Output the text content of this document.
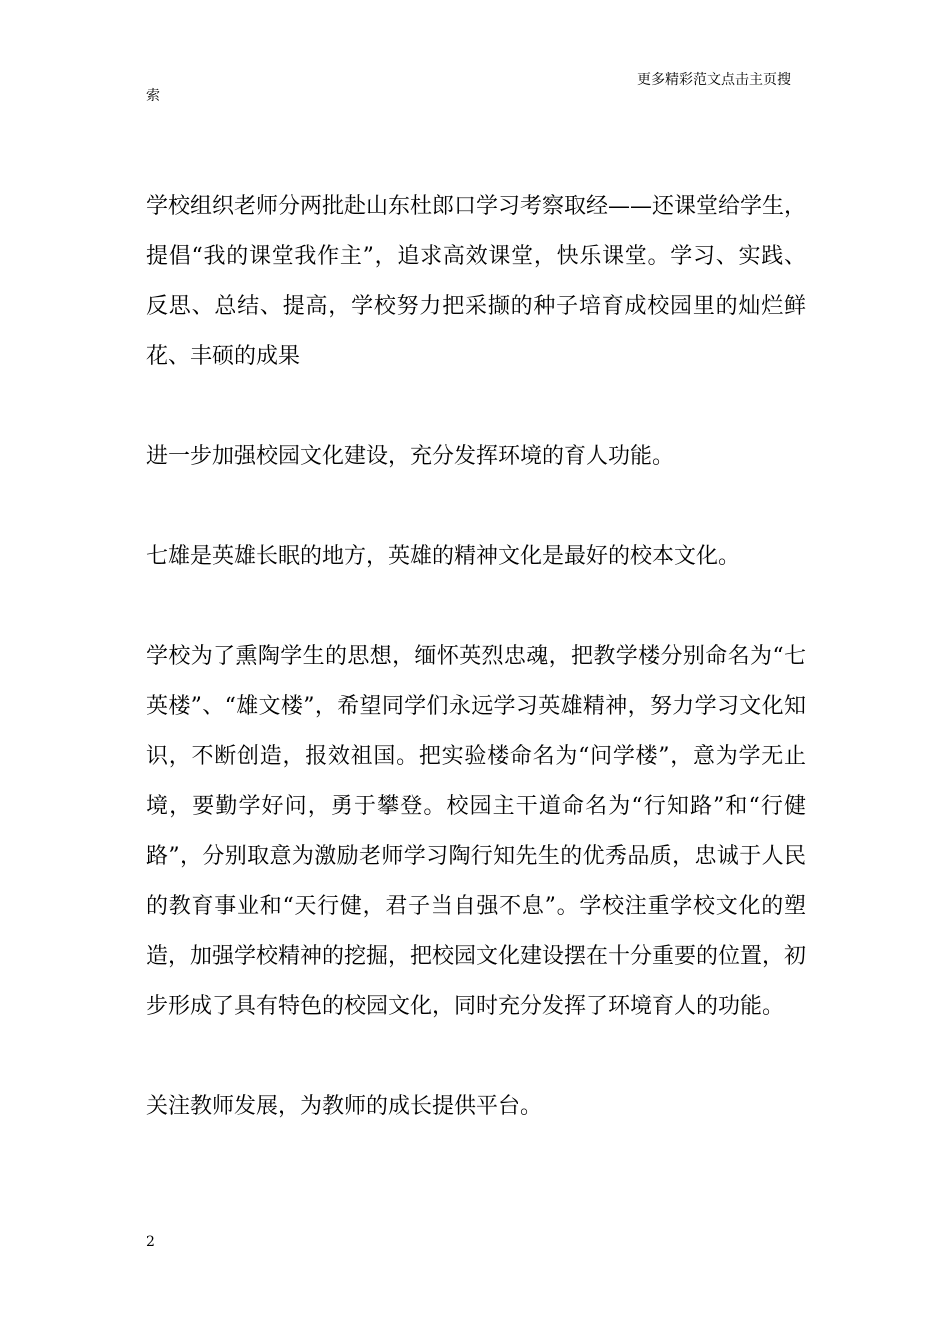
更多精彩范文点击主页搜
索

学校组织老师分两批赴山东杜郎口学习考察取经——还课堂给学生，提倡“我的课堂我作主”，追求高效课堂，快乐课堂。学习、实践、反思、总结、提高，学校努力把采撷的种子培育成校园里的灿烂鲜花、丰硕的成果

进一步加强校园文化建设，充分发挥环境的育人功能。

七雄是英雄长眠的地方，英雄的精神文化是最好的校本文化。

学校为了熏陶学生的思想，缅怀英烈忠魂，把教学楼分别命名为“七英楼”、“雄文楼”，希望同学们永远学习英雄精神，努力学习文化知识，不断创造，报效祖国。把实验楼命名为“问学楼”，意为学无止境，要勤学好问，勇于攀登。校园主干道命名为“行知路”和“行健路”，分别取意为激励老师学习陶行知先生的优秀品质，忠诚于人民的教育事业和“天行健，君子当自强不息”。学校注重学校文化的塑造，加强学校精神的挖掘，把校园文化建设摆在十分重要的位置，初步形成了具有特色的校园文化，同时充分发挥了环境育人的功能。

关注教师发展，为教师的成长提供平台。

2
